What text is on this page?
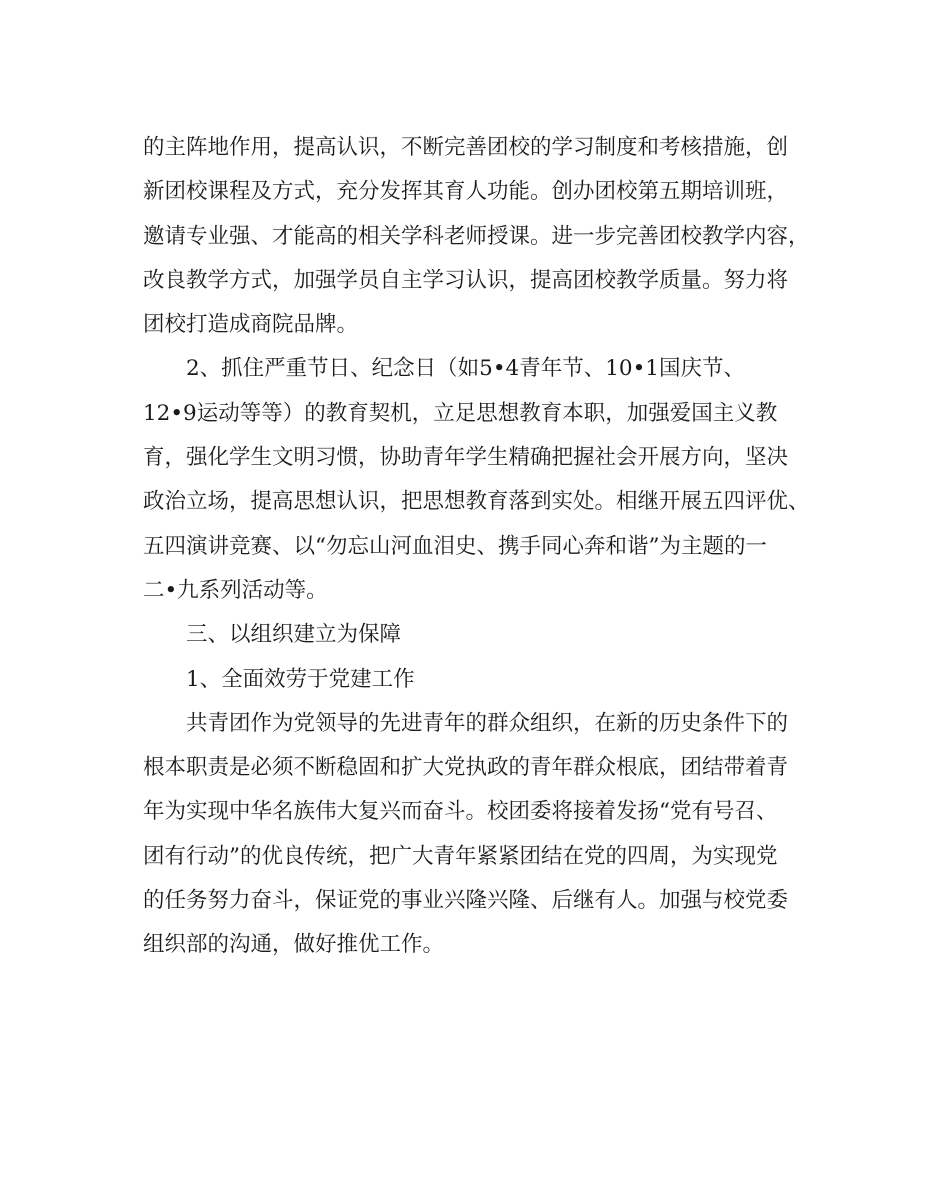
的主阵地作用，提高认识，不断完善团校的学习制度和考核措施，创
新团校课程及方式，充分发挥其育人功能。创办团校第五期培训班，
邀请专业强、才能高的相关学科老师授课。进一步完善团校教学内容，
改良教学方式，加强学员自主学习认识，提高团校教学质量。努力将
团校打造成商院品牌。
2、抓住严重节日、纪念日（如5•4青年节、10•1国庆节、
12•9运动等等）的教育契机，立足思想教育本职，加强爱国主义教
育，强化学生文明习惯，协助青年学生精确把握社会开展方向，坚决
政治立场，提高思想认识，把思想教育落到实处。相继开展五四评优、
五四演讲竞赛、以“勿忘山河血泪史、携手同心奔和谐”为主题的一
二•九系列活动等。
三、以组织建立为保障
1、全面效劳于党建工作
共青团作为党领导的先进青年的群众组织，在新的历史条件下的
根本职责是必须不断稳固和扩大党执政的青年群众根底，团结带着青
年为实现中华名族伟大复兴而奋斗。校团委将接着发扬“党有号召、
团有行动”的优良传统，把广大青年紧紧团结在党的四周，为实现党
的任务努力奋斗，保证党的事业兴隆兴隆、后继有人。加强与校党委
组织部的沟通，做好推优工作。
